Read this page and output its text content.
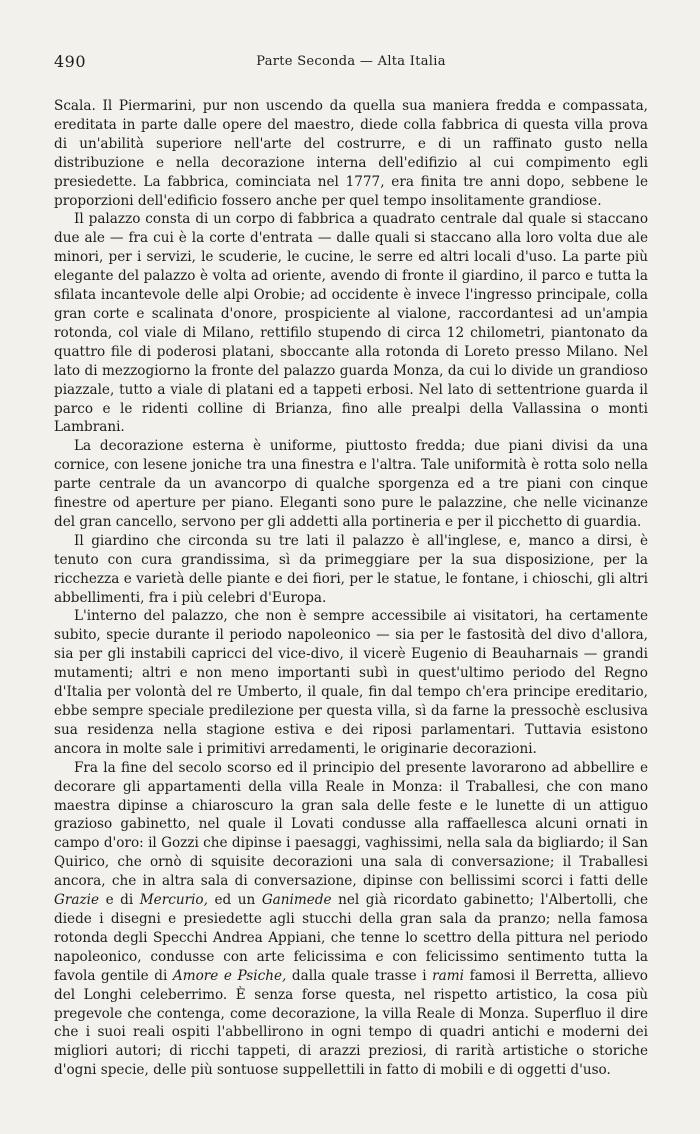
490	Parte Seconda — Alta Italia

Scala. Il Piermarini, pur non uscendo da quella sua maniera fredda e compassata, ereditata in parte dalle opere del maestro, diede colla fabbrica di questa villa prova di un'abilità superiore nell'arte del costrurre, e di un raffinato gusto nella distribuzione e nella decorazione interna dell'edifizio al cui compimento egli presiedette. La fabbrica, cominciata nel 1777, era finita tre anni dopo, sebbene le proporzioni dell'edificio fossero anche per quel tempo insolitamente grandiose.

Il palazzo consta di un corpo di fabbrica a quadrato centrale dal quale si staccano due ale — fra cui è la corte d'entrata — dalle quali si staccano alla loro volta due ale minori, per i servizi, le scuderie, le cucine, le serre ed altri locali d'uso. La parte più elegante del palazzo è volta ad oriente, avendo di fronte il giardino, il parco e tutta la sfilata incantevole delle alpi Orobie; ad occidente è invece l'ingresso principale, colla gran corte e scalinata d'onore, prospiciente al vialone, raccordantesi ad un'ampia rotonda, col viale di Milano, rettifilo stupendo di circa 12 chilometri, piantonato da quattro file di poderosi platani, sboccante alla rotonda di Loreto presso Milano. Nel lato di mezzogiorno la fronte del palazzo guarda Monza, da cui lo divide un grandioso piazzale, tutto a viale di platani ed a tappeti erbosi. Nel lato di settentrione guarda il parco e le ridenti colline di Brianza, fino alle prealpi della Vallassina o monti Lambrani.

La decorazione esterna è uniforme, piuttosto fredda; due piani divisi da una cornice, con lesene joniche tra una finestra e l'altra. Tale uniformità è rotta solo nella parte centrale da un avancorpo di qualche sporgenza ed a tre piani con cinque finestre od aperture per piano. Eleganti sono pure le palazzine, che nelle vicinanze del gran cancello, servono per gli addetti alla portineria e per il picchetto di guardia.

Il giardino che circonda su tre lati il palazzo è all'inglese, e, manco a dirsi, è tenuto con cura grandissima, sì da primeggiare per la sua disposizione, per la ricchezza e varietà delle piante e dei fiori, per le statue, le fontane, i chioschi, gli altri abbellimenti, fra i più celebri d'Europa.

L'interno del palazzo, che non è sempre accessibile ai visitatori, ha certamente subito, specie durante il periodo napoleonico — sia per le fastosità del divo d'allora, sia per gli instabili capricci del vice-divo, il vicerè Eugenio di Beauharnais — grandi mutamenti; altri e non meno importanti subì in quest'ultimo periodo del Regno d'Italia per volontà del re Umberto, il quale, fin dal tempo ch'era principe ereditario, ebbe sempre speciale predilezione per questa villa, sì da farne la pressochè esclusiva sua residenza nella stagione estiva e dei riposi parlamentari. Tuttavia esistono ancora in molte sale i primitivi arredamenti, le originarie decorazioni.

Fra la fine del secolo scorso ed il principio del presente lavorarono ad abbellire e decorare gli appartamenti della villa Reale in Monza: il Traballesi, che con mano maestra dipinse a chiaroscuro la gran sala delle feste e le lunette di un attiguo grazioso gabinetto, nel quale il Lovati condusse alla raffaellesca alcuni ornati in campo d'oro: il Gozzi che dipinse i paesaggi, vaghissimi, nella sala da bigliardo; il San Quirico, che ornò di squisite decorazioni una sala di conversazione; il Traballesi ancora, che in altra sala di conversazione, dipinse con bellissimi scorci i fatti delle Grazie e di Mercurio, ed un Ganimede nel già ricordato gabinetto; l'Albertolli, che diede i disegni e presiedette agli stucchi della gran sala da pranzo; nella famosa rotonda degli Specchi Andrea Appiani, che tenne lo scettro della pittura nel periodo napoleonico, condusse con arte felicissima e con felicissimo sentimento tutta la favola gentile di Amore e Psiche, dalla quale trasse i rami famosi il Berretta, allievo del Longhi celeberrimo. È senza forse questa, nel rispetto artistico, la cosa più pregevole che contenga, come decorazione, la villa Reale di Monza. Superfluo il dire che i suoi reali ospiti l'abbellirono in ogni tempo di quadri antichi e moderni dei migliori autori; di ricchi tappeti, di arazzi preziosi, di rarità artistiche o storiche d'ogni specie, delle più sontuose suppellettili in fatto di mobili e di oggetti d'uso.
